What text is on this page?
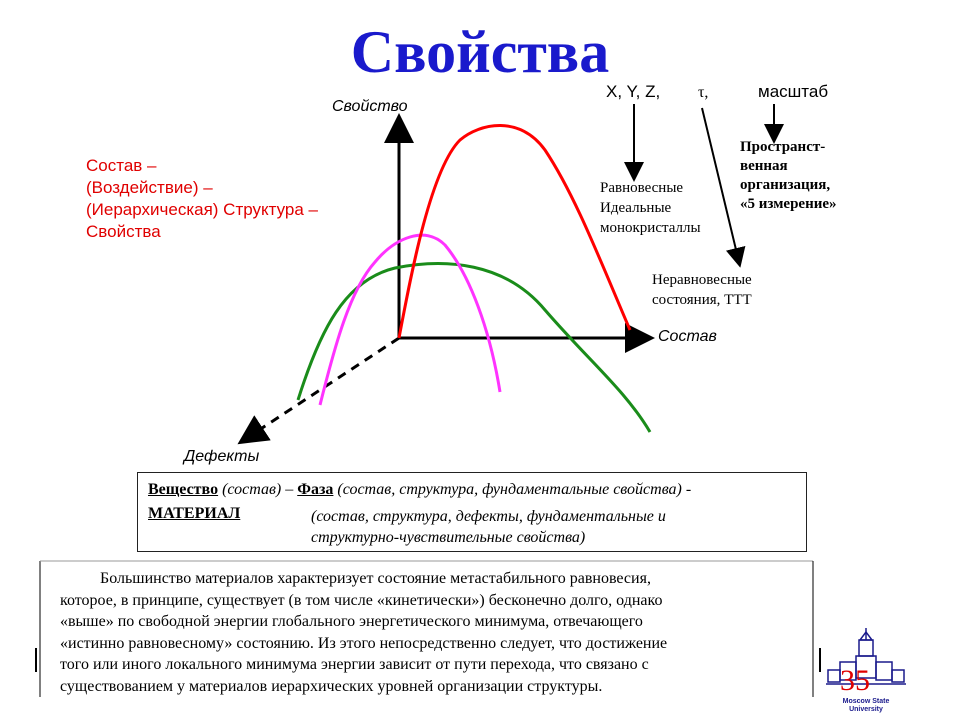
Свойства
Свойство
Состав
Дефекты
Состав –
(Воздействие) –
(Иерархическая) Структура –
Свойства
X, Y, Z, τ,	масштаб
Равновесные
Идеальные
монокристаллы
Неравновесные
состояния, ТТТ
Пространст-
венная
организация,
«5 измерение»
Вещество (состав) – Фаза (состав, структура, фундаментальные свойства) -
МАТЕРИАЛ	(состав, структура, дефекты, фундаментальные и
структурно-чувствительные свойства)

Большинство материалов характеризует состояние метастабильного равновесия,

которое, в принципе, существует (в том числе «кинетически») бесконечно долго, однако

«выше» по свободной энергии глобального энергетического минимума, отвечающего

«истинно равновесному» состоянию. Из этого непосредственно следует, что достижение

того или иного локального минимума энергии зависит от пути перехода, что связано с

существованием у материалов иерархических уровней организации структуры.	35
Moscow State
University
